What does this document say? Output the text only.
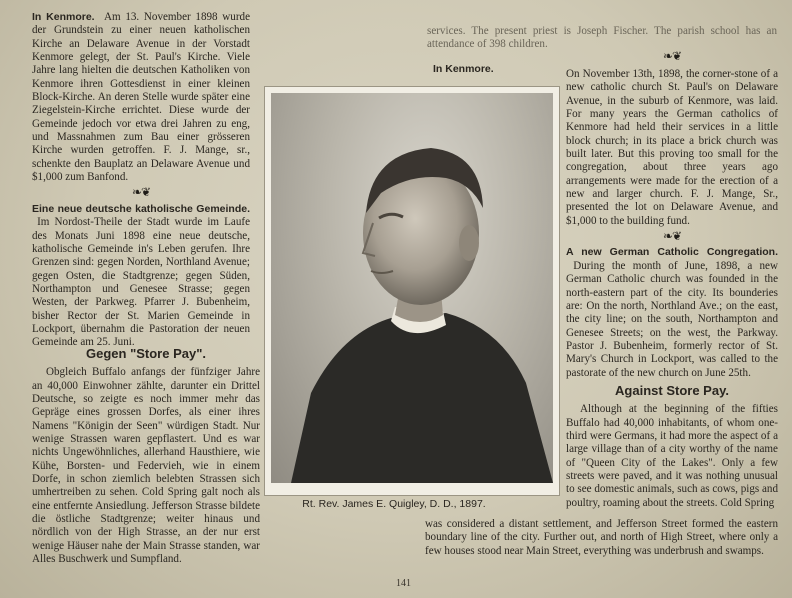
In Kenmore. Am 13. November 1898 wurde der Grundstein zu einer neuen katholischen Kirche an Delaware Avenue in der Vorstadt Kenmore gelegt, der St. Paul's Kirche. Viele Jahre lang hielten die deutschen Katholiken von Kenmore ihren Gottesdienst in einer kleinen Block-Kirche. An deren Stelle wurde später eine Ziegelstein-Kirche errichtet. Diese wurde der Gemeinde jedoch vor etwa drei Jahren zu eng, und Massnahmen zum Bau einer grösseren Kirche wurden getroffen. F. J. Mange, sr., schenkte den Bauplatz an Delaware Avenue und $1,000 zum Banfond.

❧❦

Eine neue deutsche katholische Gemeinde.  Im Nordost-Theile der Stadt wurde im Laufe des Monats Juni 1898 eine neue deutsche, katholische Gemeinde in's Leben gerufen. Ihre Grenzen sind: gegen Norden, Northland Avenue; gegen Osten, die Stadtgrenze; gegen Süden, Northampton und Genesee Strasse; gegen Westen, der Parkweg. Pfarrer J. Bubenheim, bisher Rector der St. Marien Gemeinde in Lockport, übernahm die Pastoration der neuen Gemeinde am 25. Juni.

Gegen "Store Pay".

Obgleich Buffalo anfangs der fünfziger Jahre an 40,000 Einwohner zählte, darunter ein Drittel Deutsche, so zeigte es noch immer mehr das Gepräge eines grossen Dorfes, als einer ihres Namens "Königin der Seen" würdigen Stadt. Nur wenige Strassen waren gepflastert. Und es war nichts Ungewöhnliches, allerhand Hausthiere, wie Kühe, Borsten- und Federvieh, wie in einem Dorfe, in schon ziemlich belebten Strassen sich umhertreiben zu sehen. Cold Spring galt noch als eine entfernte Ansiedlung. Jefferson Strasse bildete die östliche Stadtgrenze; weiter hinaus und nördlich von der High Strasse, an der nur erst wenige Häuser nahe der Main Strasse standen, war Alles Buschwerk und Sumpfland.

services. The present priest is Joseph Fischer. The parish school has an attendance of 398 children.

❧❦

In Kenmore.	On November 13th, 1898, the corner-stone of a new catholic church St. Paul's on Delaware Avenue, in the suburb of Kenmore, was laid. For many years the German catholics of Kenmore had held their services in a little block church; in its place a brick church was built later. But this proving too small for the congregation, about three years ago arrangements were made for the erection of a new and larger church. F. J. Mange, Sr., presented the lot on Delaware Avenue, and $1,000 to the building fund.

❧❦

A new German Catholic Congregation.  During the month of June, 1898, a new German Catholic church was founded in the north-eastern part of the city. Its bounderies are: On the north, Northland Ave.; on the east, the city line; on the south, Northampton and Genesee Streets; on the west, the Parkway. Pastor J. Bubenheim, formerly rector of St. Mary's Church in Lockport, was called to the pastorate of the new church on June 25th.

Against Store Pay.

Although at the beginning of the fifties Buffalo had 40,000 inhabitants, of whom one-third were Germans, it had more the aspect of a large village than of a city worthy of the name of "Queen City of the Lakes". Only a few streets were paved, and it was nothing unusual to see domestic animals, such as cows, pigs and poultry, roaming about the streets. Cold Spring

was considered a distant settlement, and Jefferson Street formed the eastern boundary line of the city. Further out, and north of High Street, where only a few houses stood near Main Street, everything was underbrush and swamps.

Rt. Rev. James E. Quigley, D. D., 1897.
141
